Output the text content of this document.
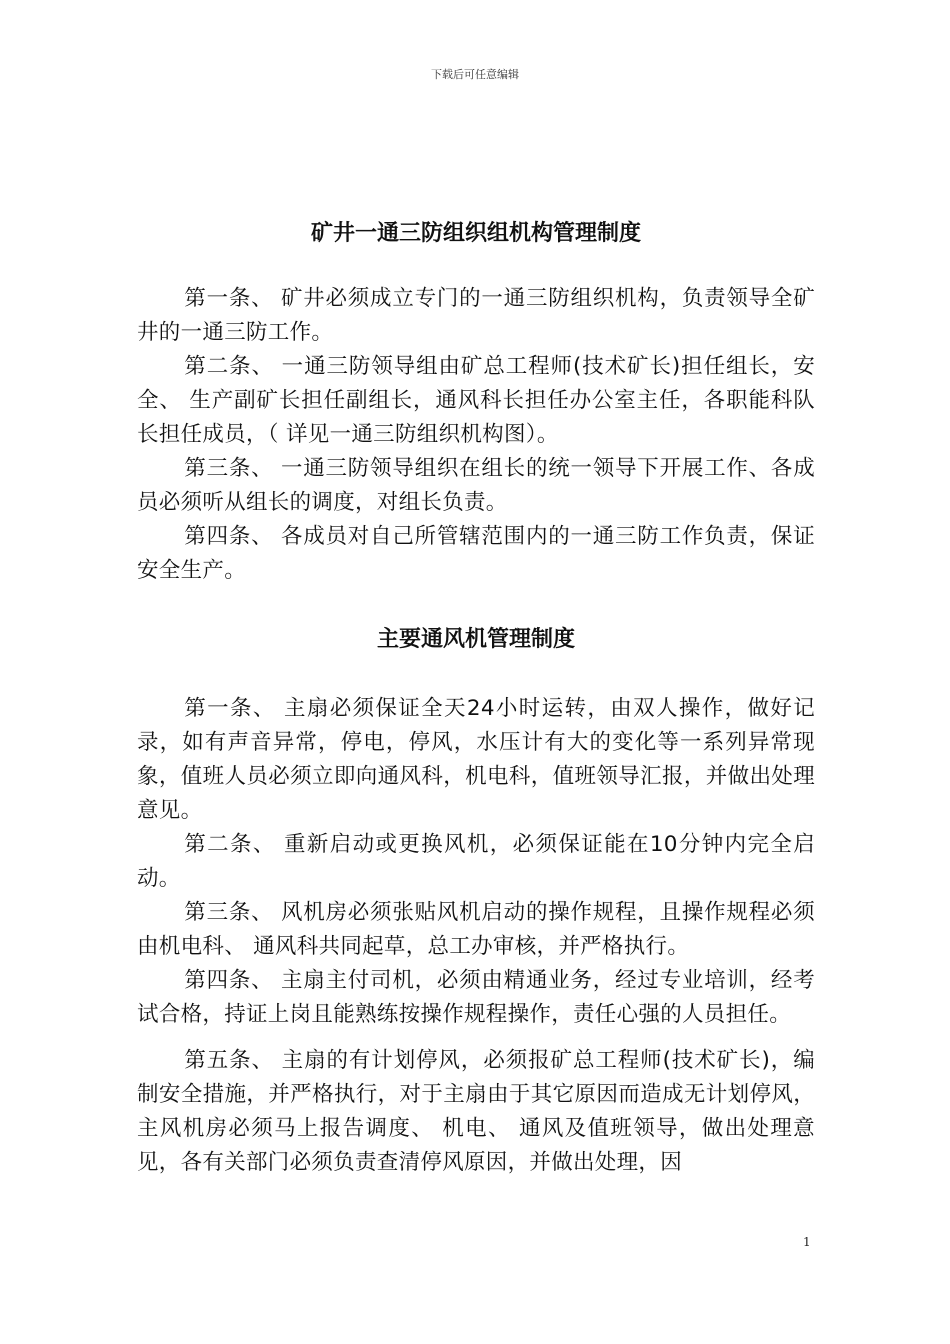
下载后可任意编辑
矿井一通三防组织组机构管理制度

第一条、 矿井必须成立专门的一通三防组织机构，负责领导全矿井的一通三防工作。

第二条、 一通三防领导组由矿总工程师(技术矿长)担任组长，安全、 生产副矿长担任副组长，通风科长担任办公室主任，各职能科队长担任成员，（ 详见一通三防组织机构图）。

第三条、 一通三防领导组织在组长的统一领导下开展工作、各成员必须听从组长的调度，对组长负责。

第四条、 各成员对自己所管辖范围内的一通三防工作负责，保证安全生产。

主要通风机管理制度

第一条、 主扇必须保证全天24小时运转，由双人操作，做好记录，如有声音异常，停电，停风，水压计有大的变化等一系列异常现象，值班人员必须立即向通风科，机电科，值班领导汇报，并做出处理意见。

第二条、 重新启动或更换风机，必须保证能在10分钟内完全启动。

第三条、 风机房必须张贴风机启动的操作规程，且操作规程必须由机电科、 通风科共同起草，总工办审核，并严格执行。

第四条、 主扇主付司机，必须由精通业务，经过专业培训，经考试合格，持证上岗且能熟练按操作规程操作，责任心强的人员担任。

第五条、 主扇的有计划停风，必须报矿总工程师(技术矿长)，编制安全措施，并严格执行，对于主扇由于其它原因而造成无计划停风，主风机房必须马上报告调度、 机电、 通风及值班领导，做出处理意见，各有关部门必须负责查清停风原因，并做出处理，因

1
